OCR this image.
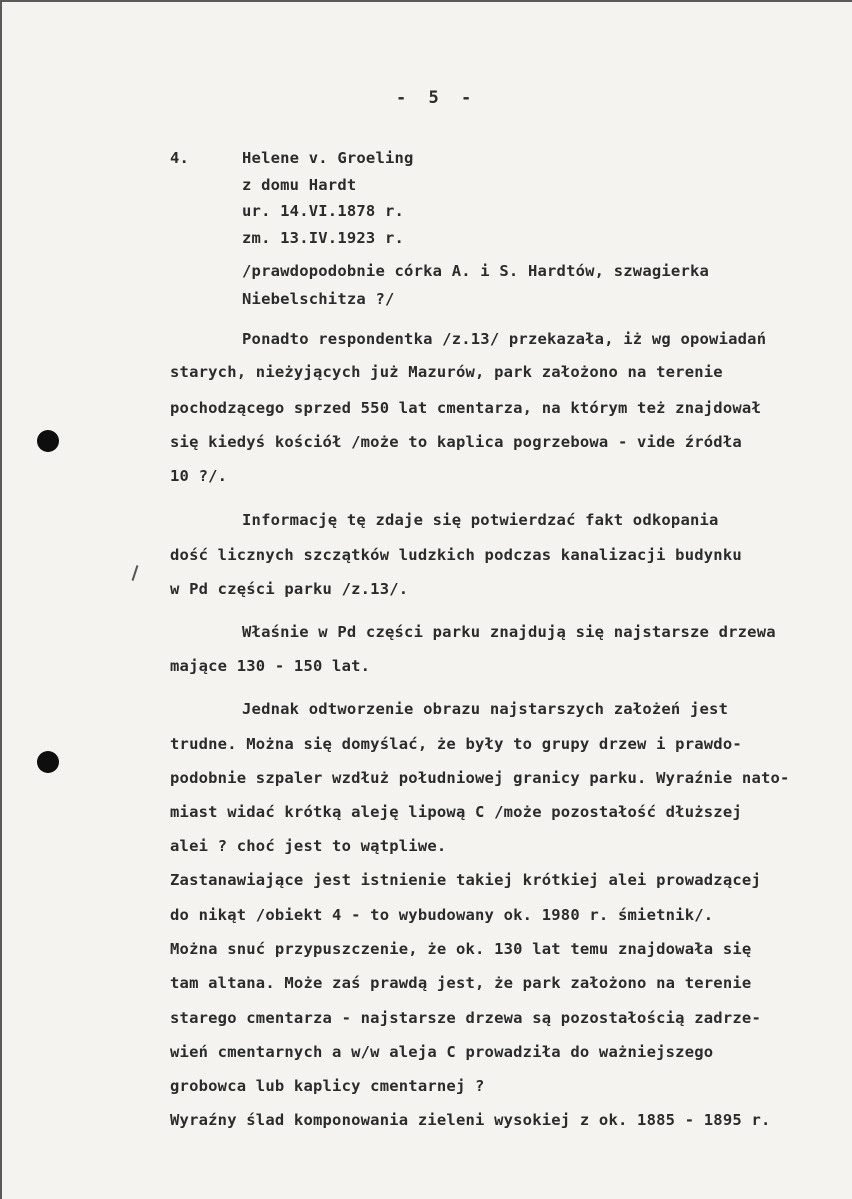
- 5 -
4.	Helene v. Groeling
z domu Hardt
ur. 14.VI.1878 r.
zm. 13.IV.1923 r.
/prawdopodobnie córka A. i S. Hardtów, szwagierka
Niebelschitza ?/
Ponadto respondentka /z.13/ przekazała, iż wg opowiadań
starych, nieżyjących już Mazurów, park założono na terenie
pochodzącego sprzed 550 lat cmentarza, na którym też znajdował
się kiedyś kościół /może to kaplica pogrzebowa - vide źródła
10 ?/.
Informację tę zdaje się potwierdzać fakt odkopania
dość licznych szczątków ludzkich podczas kanalizacji budynku
w Pd części parku /z.13/.
Właśnie w Pd części parku znajdują się najstarsze drzewa
mające 130 - 150 lat.
Jednak odtworzenie obrazu najstarszych założeń jest
trudne. Można się domyślać, że były to grupy drzew i prawdo-
podobnie szpaler wzdłuż południowej granicy parku. Wyraźnie nato-
miast widać krótką aleję lipową C /może pozostałość dłuższej
alei ? choć jest to wątpliwe.
Zastanawiające jest istnienie takiej krótkiej alei prowadzącej
do nikąt /obiekt 4 - to wybudowany ok. 1980 r. śmietnik/.
Można snuć przypuszczenie, że ok. 130 lat temu znajdowała się
tam altana. Może zaś prawdą jest, że park założono na terenie
starego cmentarza - najstarsze drzewa są pozostałością zadrze-
wień cmentarnych a w/w aleja C prowadziła do ważniejszego
grobowca lub kaplicy cmentarnej ?
Wyraźny ślad komponowania zieleni wysokiej z ok. 1885 - 1895 r.
